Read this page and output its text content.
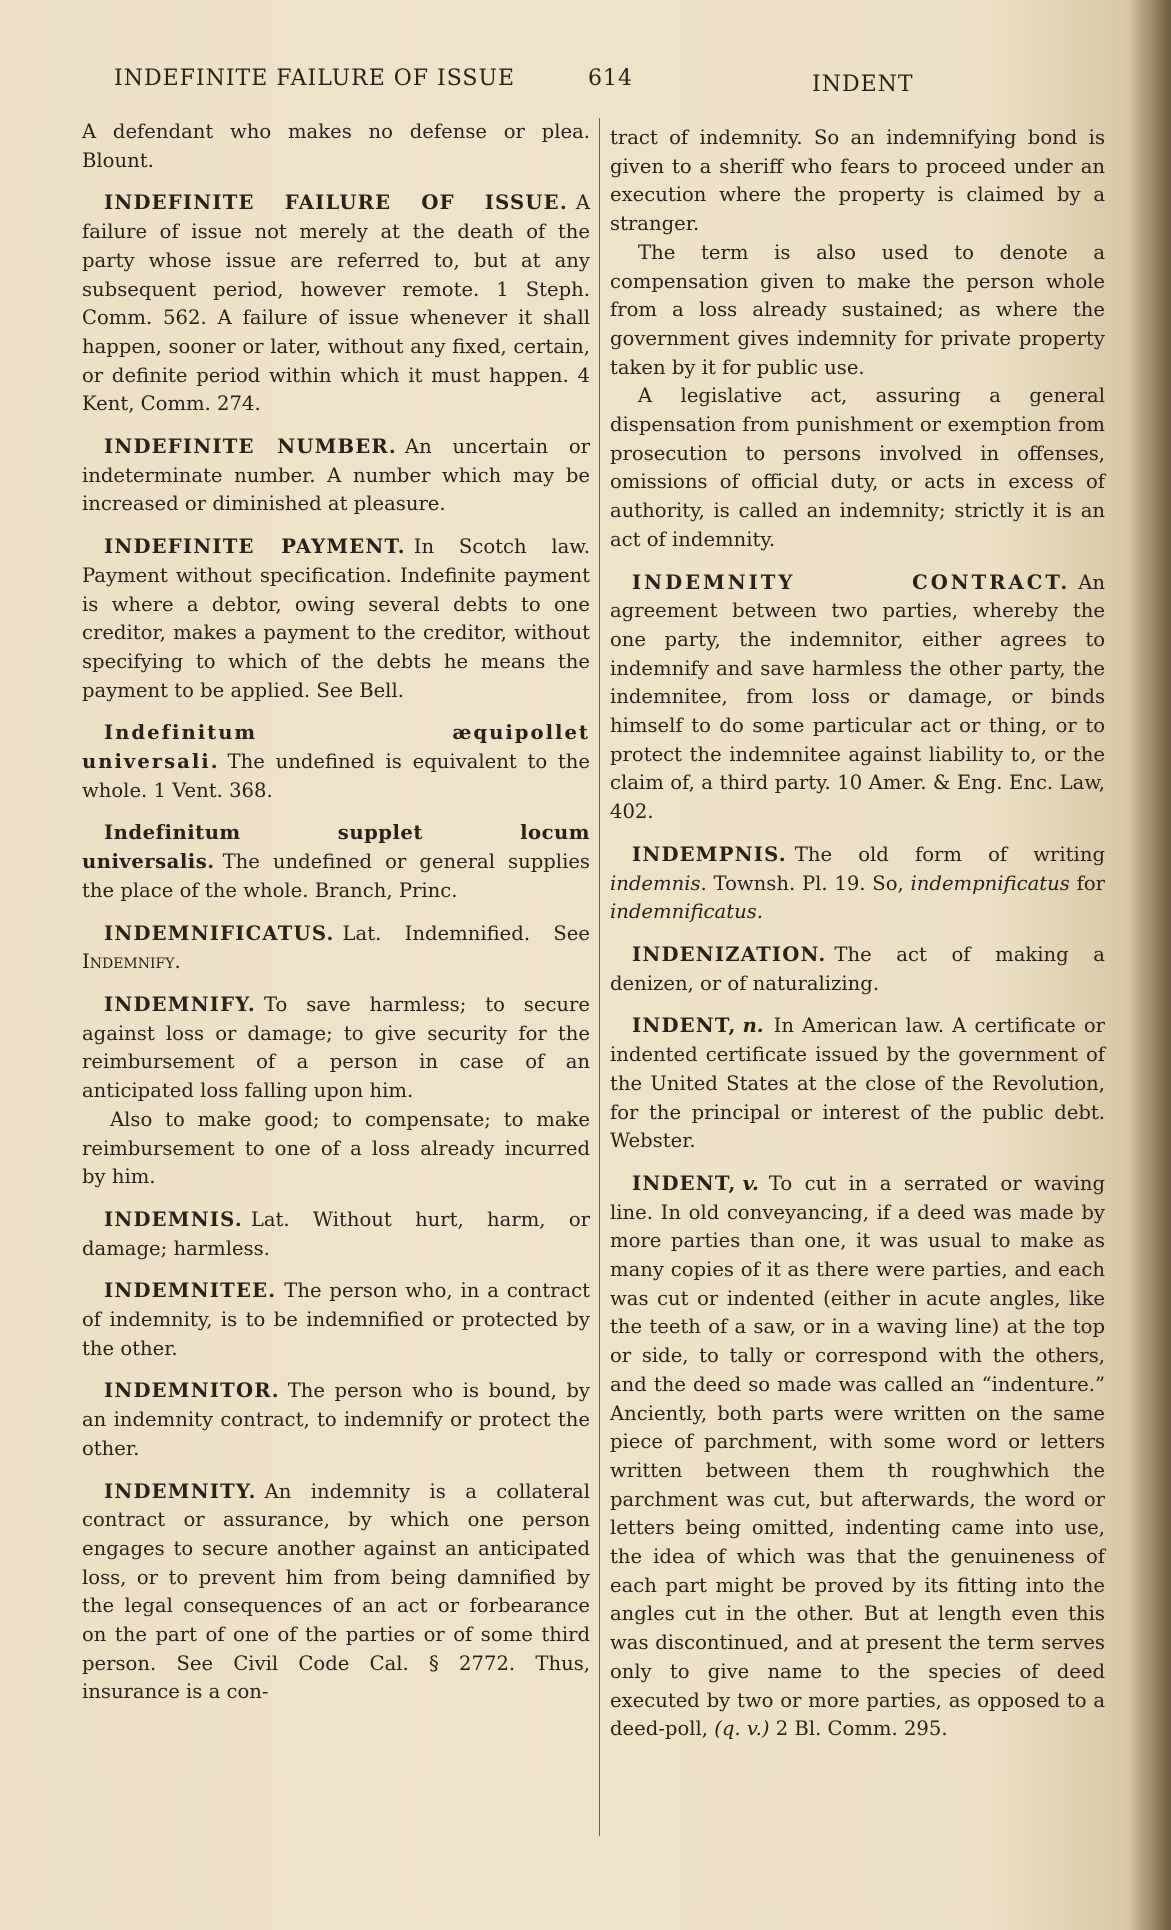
INDEFINITE FAILURE OF ISSUE	614	INDENT

A defendant who makes no defense or plea. Blount.

INDEFINITE FAILURE OF ISSUE. A failure of issue not merely at the death of the party whose issue are referred to, but at any subsequent period, however remote. 1 Steph. Comm. 562. A failure of issue whenever it shall happen, sooner or later, without any fixed, certain, or definite period within which it must happen. 4 Kent, Comm. 274.

INDEFINITE NUMBER. An uncertain or indeterminate number. A number which may be increased or diminished at pleasure.

INDEFINITE PAYMENT. In Scotch law. Payment without specification. Indefinite payment is where a debtor, owing several debts to one creditor, makes a payment to the creditor, without specifying to which of the debts he means the payment to be applied. See Bell.

Indefinitum æquipollet universali. The undefined is equivalent to the whole. 1 Vent. 368.

Indefinitum supplet locum universalis. The undefined or general supplies the place of the whole. Branch, Princ.

INDEMNIFICATUS. Lat. Indemnified. See Indemnify.

INDEMNIFY. To save harmless; to secure against loss or damage; to give security for the reimbursement of a person in case of an anticipated loss falling upon him.

Also to make good; to compensate; to make reimbursement to one of a loss already incurred by him.

INDEMNIS. Lat. Without hurt, harm, or damage; harmless.

INDEMNITEE. The person who, in a contract of indemnity, is to be indemnified or protected by the other.

INDEMNITOR. The person who is bound, by an indemnity contract, to indemnify or protect the other.

INDEMNITY. An indemnity is a collateral contract or assurance, by which one person engages to secure another against an anticipated loss, or to prevent him from being damnified by the legal consequences of an act or forbearance on the part of one of the parties or of some third person. See Civil Code Cal. § 2772. Thus, insurance is a con-

tract of indemnity. So an indemnifying bond is given to a sheriff who fears to proceed under an execution where the property is claimed by a stranger.

The term is also used to denote a compensation given to make the person whole from a loss already sustained; as where the government gives indemnity for private property taken by it for public use.

A legislative act, assuring a general dispensation from punishment or exemption from prosecution to persons involved in offenses, omissions of official duty, or acts in excess of authority, is called an indemnity; strictly it is an act of indemnity.

INDEMNITY CONTRACT. An agreement between two parties, whereby the one party, the indemnitor, either agrees to indemnify and save harmless the other party, the indemnitee, from loss or damage, or binds himself to do some particular act or thing, or to protect the indemnitee against liability to, or the claim of, a third party. 10 Amer. & Eng. Enc. Law, 402.

INDEMPNIS. The old form of writing indemnis. Townsh. Pl. 19. So, indempnificatus for indemnificatus.

INDENIZATION. The act of making a denizen, or of naturalizing.

INDENT, n. In American law. A certificate or indented certificate issued by the government of the United States at the close of the Revolution, for the principal or interest of the public debt. Webster.

INDENT, v. To cut in a serrated or waving line. In old conveyancing, if a deed was made by more parties than one, it was usual to make as many copies of it as there were parties, and each was cut or indented (either in acute angles, like the teeth of a saw, or in a waving line) at the top or side, to tally or correspond with the others, and the deed so made was called an “indenture.” Anciently, both parts were written on the same piece of parchment, with some word or letters written between them th roughwhich the parchment was cut, but afterwards, the word or letters being omitted, indenting came into use, the idea of which was that the genuineness of each part might be proved by its fitting into the angles cut in the other. But at length even this was discontinued, and at present the term serves only to give name to the species of deed executed by two or more parties, as opposed to a deed-poll, (q. v.) 2 Bl. Comm. 295.
